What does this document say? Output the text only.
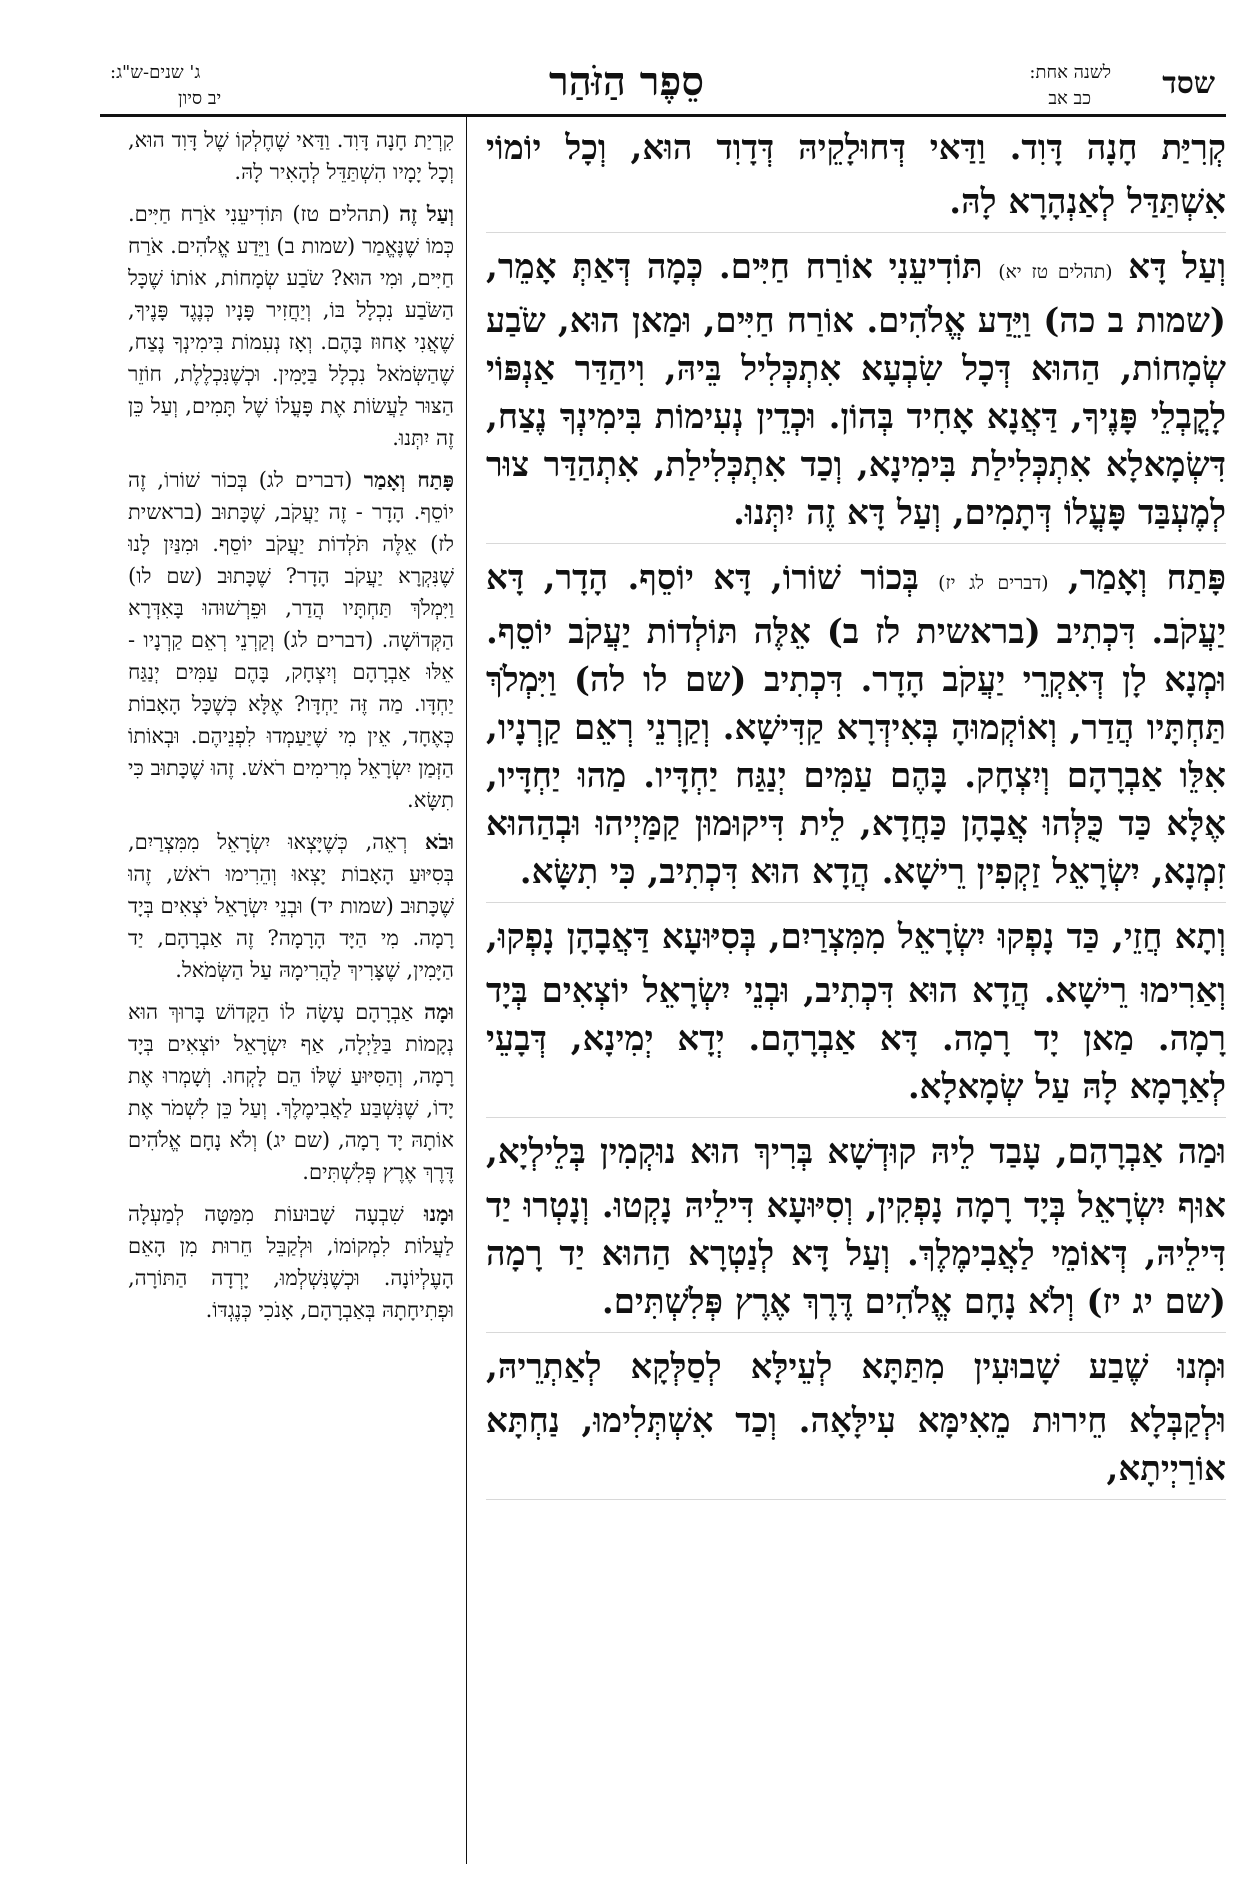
שסד
לשנה אחת:
כב אב
סֵפֶר הַזֹּהַר
ג' שנים-ש"ג:
יב סיון

קְרִיַּת חָנָה דָּוִד. וַדַּאי דְּחוּלָקֵיהּ דְּדָוִד הוּא, וְכָל יוֹמוֹי אִשְׁתַּדַּל לְאַנְהָרָא לָהּ.

וְעַל דָּא (תהלים טז יא) תּוֹדִיעֵנִי אוֹרַח חַיִּים. כְּמָה דְּאַתְּ אָמֵר, (שמות ב כה) וַיֵּדַע אֱלֹהִים. אוֹרַח חַיִּים, וּמַאן הוּא, שֹׂבַע שְׂמָחוֹת, הַהוּא דְּכָל שִׂבְעָא אִתְכְּלִיל בֵּיהּ, וִיהַדַּר אַנְפּוֹי לָקֳבְלֵי פָּנֶיךָ, דַּאֲנָא אָחִיד בְּהוֹן. וּכְדֵין נְעִימוֹת בִּימִינְךָ נֶצַח, דִּשְׂמָאלָא אִתְכְּלִילַת בִּימִינָא, וְכַד אִתְכְּלִילַת, אִתְהַדַּר צוּר לְמֶעְבַּד פָּעֳלוֹ דְּתָמִים, וְעַל דָּא זֶה יִתְּנוּ.

פָּתַח וְאָמַר, (דברים לג יז) בְּכוֹר שׁוֹרוֹ, דָּא יוֹסֵף. הָדָר, דָּא יַעֲקֹב. דִּכְתִיב (בראשית לז ב) אֵלֶּה תּוֹלְדוֹת יַעֲקֹב יוֹסֵף. וּמְנָא לָן דְּאִקְרֵי יַעֲקֹב הָדָר. דִּכְתִיב (שם לו לה) וַיִּמְלֹךְ תַּחְתָּיו הֲדַר, וְאוֹקְמוּהָ בְּאִידְּרָא קַדִּישָׁא. וְקַרְנֵי רְאֵם קַרְנָיו, אִלֵּו אַבְרָהָם וְיִצְחָק. בָּהֶם עַמִּים יְנַגַּח יַחְדָּיו. מַהוּ יַחְדָּיו, אֶלָּא כַּד כֻּלְּהוּ אֲבָהָן כַּחֲדָא, לֵית דִּיקוּמוּן קַמַּיְיהוּ וּבְהַהוּא זִמְנָא, יִשְׂרָאֵל זַקְפִין רֵישָׁא. הֲדָא הוּא דִּכְתִיב, כִּי תִשָּׂא.

וְתָא חֲזֵי, כַּד נָפְקוּ יִשְׂרָאֵל מִמִּצְרַיִם, בְּסִיּוּעָא דַּאֲבָהָן נָפְקוּ, וְאַרִימוּ רֵישָׁא. הֲדָא הוּא דִּכְתִיב, וּבְנֵי יִשְׂרָאֵל יוֹצְאִים בְּיָד רָמָה. מַאן יָד רָמָה. דָּא אַבְרָהָם. יְדָא יְמִינָא, דְּבָעֵי לְאַרָמָא לָהּ עַל שְׂמָאלָא.

וּמַה אַבְרָהָם, עָבַד לֵיהּ קוּדְשָׁא בְּרִיךְ הוּא נוּקְמִין בְּלֵילְיָא, אוּף יִשְׂרָאֵל בְּיָד רָמָה נָפְקִין, וְסִיּוּעָא דִּילֵיהּ נָקְטוּ. וְנָטְרוּ יַד דִּילֵיהּ, דְּאוֹמֵי לַאֲבִימֶלֶךְ. וְעַל דָּא לְנַטְרָא הַהוּא יַד רָמָה (שם יג יז) וְלֹא נָחָם אֱלֹהִים דֶּרֶךְ אֶרֶץ פְּלִשְׁתִּים.

וּמְנוּ שֶׁבַע שָׁבוּעִין מִתַּתָּא לְעֵילָּא לְסַלְּקָא לְאַתְרֵיהּ, וּלְקַבְּלָא חֵירוּת מֵאִימָּא עִילָּאָה. וְכַד אִשְׁתְּלִימוּ, נַחְתָּא אוֹרַיְיתָא,

קִרְיַת חָנָה דָּוִד. וַדַּאי שֶׁחֶלְקוֹ שֶׁל דָּוִד הוּא, וְכָל יָמָיו הִשְׁתַּדֵּל לְהָאִיר לָהּ.

וְעַל זֶה (תהלים טז) תּוֹדִיעֵנִי אֹרַח חַיִּים. כְּמוֹ שֶׁנֶּאֱמַר (שמות ב) וַיֵּדַע אֱלֹהִים. אֹרַח חַיִּים, וּמִי הוּא? שֹׂבַע שְׂמָחוֹת, אוֹתוֹ שֶׁכָּל הַשֹּׂבַע נִכְלָל בּוֹ, וְיַחֲזִיר פָּנָיו כְּנֶגֶד פָּנֶיךָ, שֶׁאֲנִי אָחוּז בָּהֶם. וְאָז נְעִמוֹת בִּימִינְךָ נֶצַח, שֶׁהַשְּׂמֹאל נִכְלָל בַּיָּמִין. וּכְשֶׁנִּכְלֶלֶת, חוֹזֵר הַצּוּר לַעֲשׂוֹת אֶת פָּעֳלוֹ שֶׁל תָּמִים, וְעַל כֵּן זֶה יִתְּנוּ.

פָּתַח וְאָמַר (דברים לג) בְּכוֹר שׁוֹרוֹ, זֶה יוֹסֵף. הָדָר - זֶה יַעֲקֹב, שֶׁכָּתוּב (בראשית לז) אֵלֶּה תֹּלְדוֹת יַעֲקֹב יוֹסֵף. וּמִנַּיִן לָנוּ שֶׁנִּקְרָא יַעֲקֹב הָדָר? שֶׁכָּתוּב (שם לו) וַיִּמְלֹךְ תַּחְתָּיו הֲדַר, וּפֵרְשׁוּהוּ בָּאִדְּרָא הַקְּדוֹשָׁה. (דברים לג) וְקַרְנֵי רְאֵם קַרְנָיו - אֵלּוּ אַבְרָהָם וְיִצְחָק, בָּהֶם עַמִּים יְנַגַּח יַחְדָּו. מַה זֶּה יַחְדָּו? אֶלָּא כְּשֶׁכָּל הָאָבוֹת כְּאֶחָד, אֵין מִי שֶׁיַּעַמְדוּ לִפְנֵיהֶם. וּבְאוֹתוֹ הַזְּמַן יִשְׂרָאֵל מְרִימִים רֹאשׁ. זֶהוּ שֶׁכָּתוּב כִּי תִשָּׂא.

וּבֹא רְאֵה, כְּשֶׁיָּצְאוּ יִשְׂרָאֵל מִמִּצְרַיִם, בְּסִיּוּעַ הָאָבוֹת יָצְאוּ וְהֵרִימוּ רֹאשׁ, זֶהוּ שֶׁכָּתוּב (שמות יד) וּבְנֵי יִשְׂרָאֵל יֹצְאִים בְּיָד רָמָה. מִי הַיָּד הָרָמָה? זֶה אַבְרָהָם, יַד הַיָּמִין, שֶׁצָּרִיךְ לַהֲרִימָהּ עַל הַשְּׂמֹאל.

וּמָה אַבְרָהָם עָשָׂה לוֹ הַקָּדוֹשׁ בָּרוּךְ הוּא נְקָמוֹת בַּלַּיְלָה, אַף יִשְׂרָאֵל יוֹצְאִים בְּיָד רָמָה, וְהַסִּיּוּעַ שֶׁלּוֹ הֵם לָקְחוּ. וְשָׁמְרוּ אֶת יָדוֹ, שֶׁנִּשְׁבַּע לַאֲבִימֶלֶךְ. וְעַל כֵּן לִשְׁמֹר אֶת אוֹתָהּ יָד רָמָה, (שם יג) וְלֹא נָחָם אֱלֹהִים דֶּרֶךְ אֶרֶץ פְּלִשְׁתִּים.

וּמָנוּ שִׁבְעָה שָׁבוּעוֹת מִמַּטָּה לְמַעְלָה לַעֲלוֹת לִמְקוֹמוֹ, וּלְקַבֵּל חֵרוּת מִן הָאֵם הָעֶלְיוֹנָה. וּכְשֶׁנִּשְׁלְמוּ, יָרְדָה הַתּוֹרָה, וּפְתִיחָתָהּ בְּאַבְרָהָם, אָנֹכִי כְּנֶגְדּוֹ.
